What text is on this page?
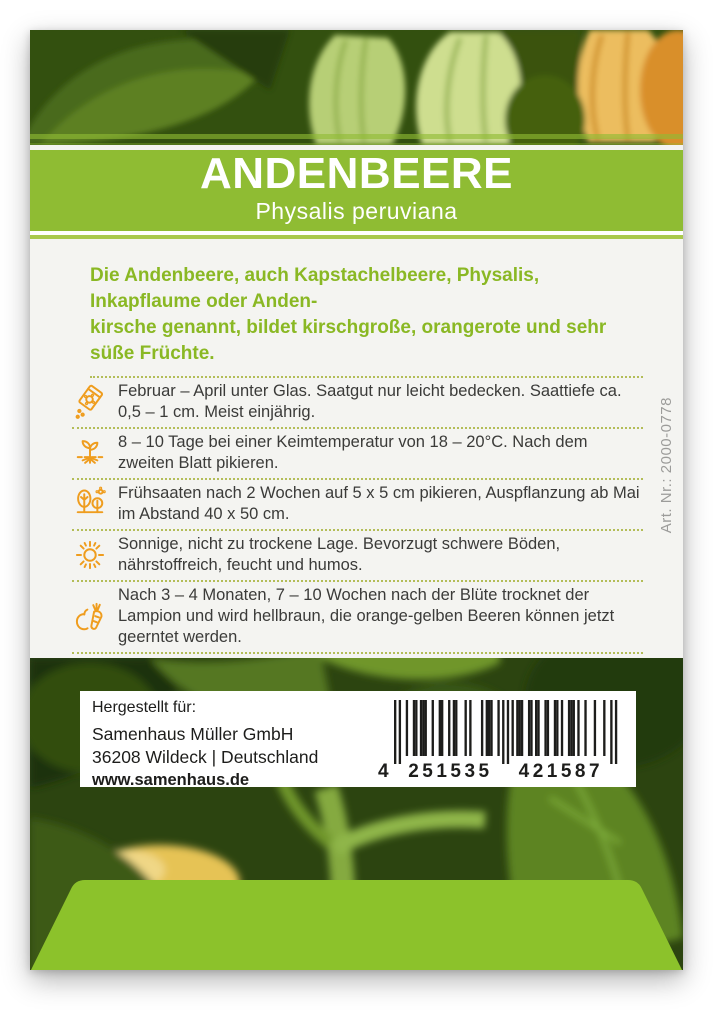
ANDENBEERE
Physalis peruviana
Die Andenbeere, auch Kapstachelbeere, Physalis, Inkapflaume oder Anden-
kirsche genannt, bildet kirschgroße, orangerote und sehr süße Früchte.
Februar – April unter Glas. Saatgut nur leicht bedecken. Saattiefe ca. 0,5 – 1 cm. Meist einjährig.
8 – 10 Tage bei einer Keimtemperatur von 18 – 20°C. Nach dem zweiten Blatt pikieren.
Frühsaaten nach 2 Wochen auf 5 x 5 cm pikieren, Auspflanzung ab Mai im Abstand 40 x 50 cm.
Sonnige, nicht zu trockene Lage. Bevorzugt schwere Böden, nährstoffreich, feucht und humos.
Nach 3 – 4 Monaten, 7 – 10 Wochen nach der Blüte trocknet der Lampion und wird hellbraun, die orange-gelben Beeren können jetzt geerntet werden.
Art. Nr.: 2000-0778
Hergestellt für:
Samenhaus Müller GmbH
36208 Wildeck | Deutschland
www.samenhaus.de	4 251535 421587
